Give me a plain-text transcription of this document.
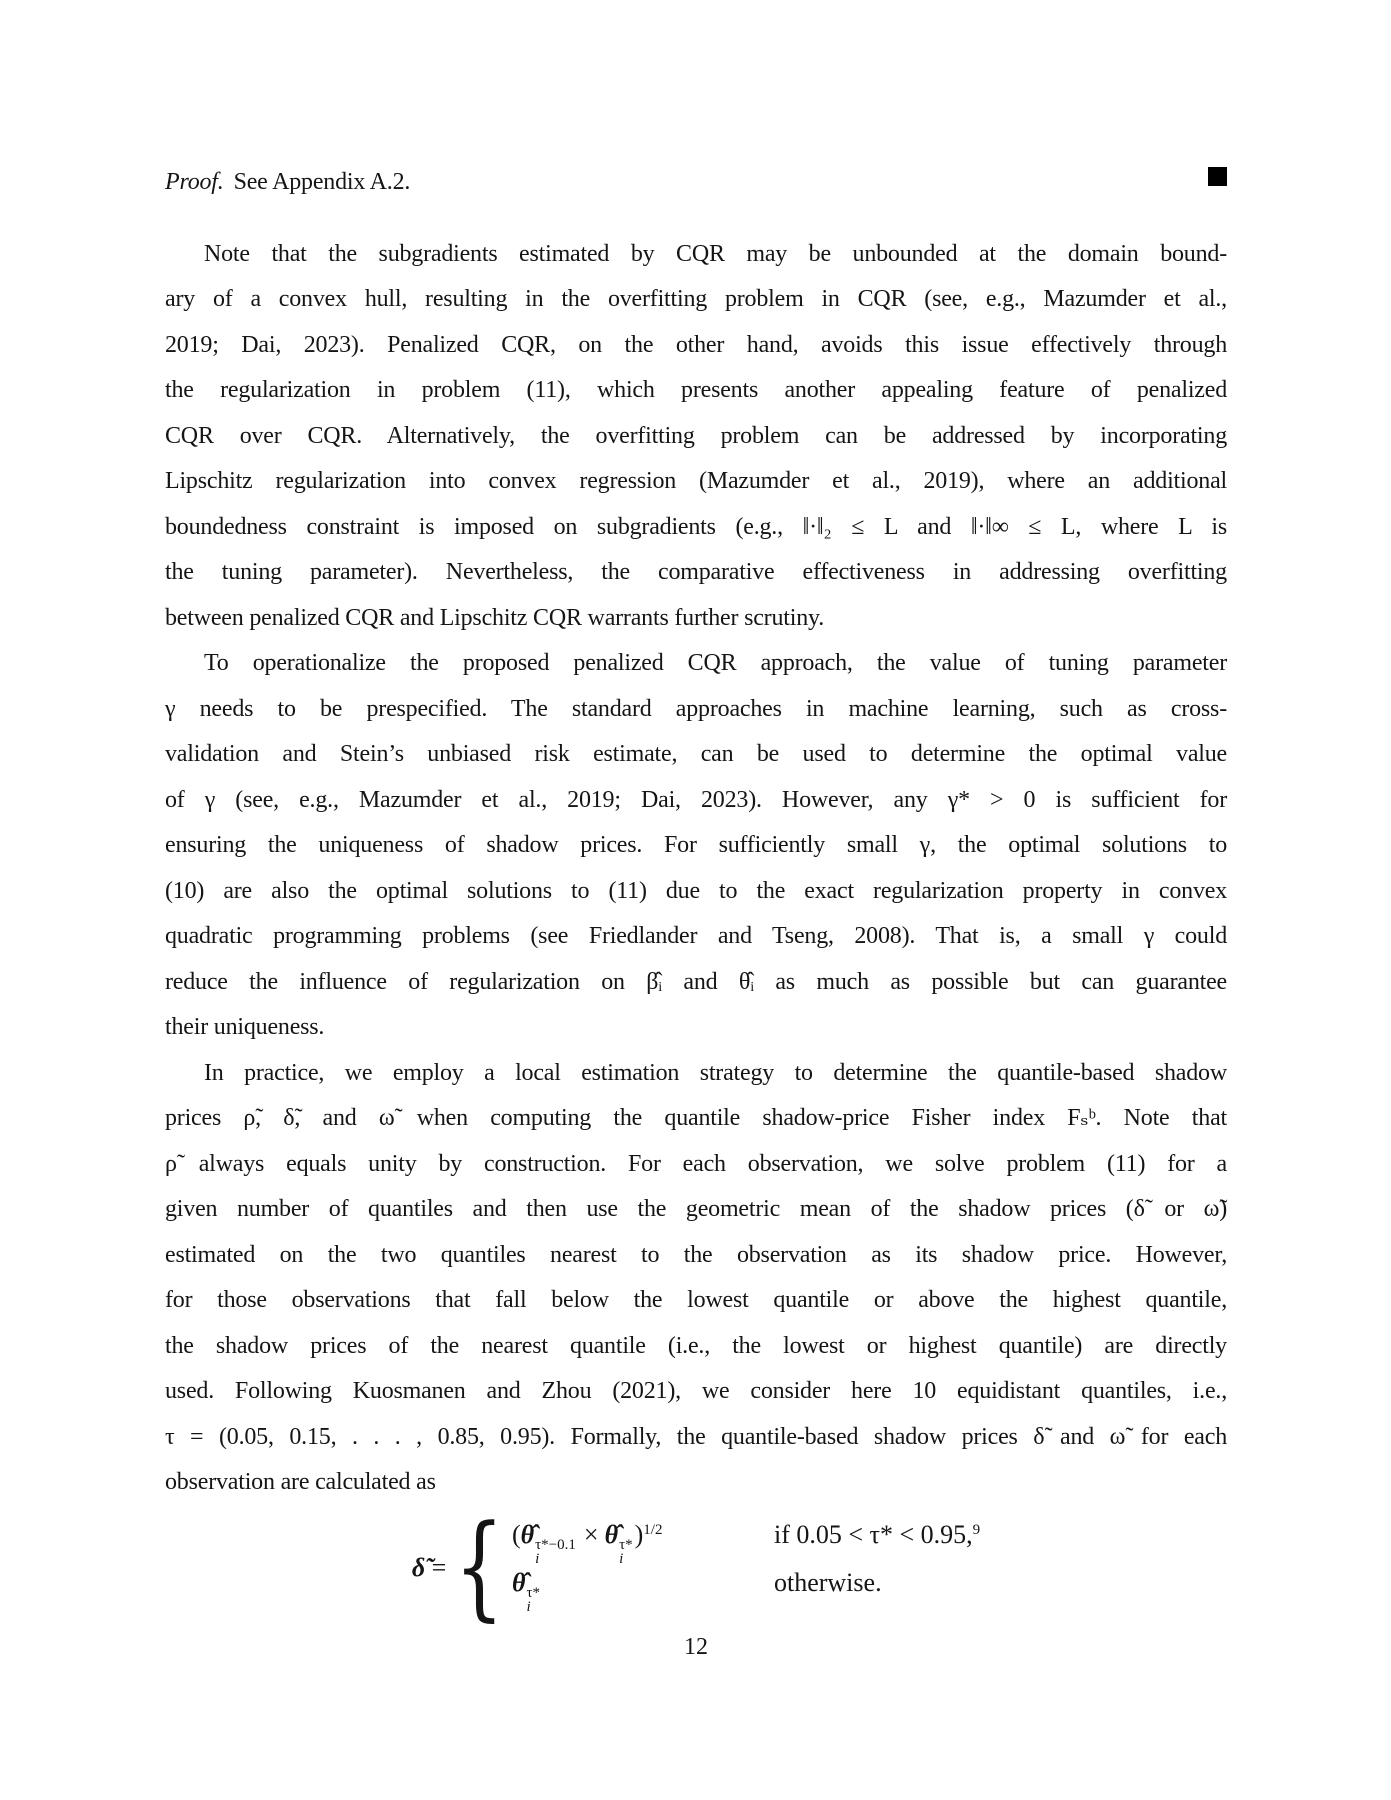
Proof. See Appendix A.2.
Note that the subgradients estimated by CQR may be unbounded at the domain bound-
ary of a convex hull, resulting in the overfitting problem in CQR (see, e.g., Mazumder et al.,
2019; Dai, 2023). Penalized CQR, on the other hand, avoids this issue effectively through
the regularization in problem (11), which presents another appealing feature of penalized
CQR over CQR. Alternatively, the overfitting problem can be addressed by incorporating
Lipschitz regularization into convex regression (Mazumder et al., 2019), where an additional
boundedness constraint is imposed on subgradients (e.g., ‖·‖₂ ≤ L and ‖·‖∞ ≤ L, where L is
the tuning parameter). Nevertheless, the comparative effectiveness in addressing overfitting
between penalized CQR and Lipschitz CQR warrants further scrutiny.
To operationalize the proposed penalized CQR approach, the value of tuning parameter
γ needs to be prespecified. The standard approaches in machine learning, such as cross-
validation and Stein’s unbiased risk estimate, can be used to determine the optimal value
of γ (see, e.g., Mazumder et al., 2019; Dai, 2023). However, any γ* > 0 is sufficient for
ensuring the uniqueness of shadow prices. For sufficiently small γ, the optimal solutions to
(10) are also the optimal solutions to (11) due to the exact regularization property in convex
quadratic programming problems (see Friedlander and Tseng, 2008). That is, a small γ could
reduce the influence of regularization on β̂ᵢ and θ̂ᵢ as much as possible but can guarantee
their uniqueness.
In practice, we employ a local estimation strategy to determine the quantile-based shadow
prices ρ̃, δ̃, and ω̃ when computing the quantile shadow-price Fisher index Fₛᵇ. Note that
ρ̃ always equals unity by construction. For each observation, we solve problem (11) for a
given number of quantiles and then use the geometric mean of the shadow prices (δ̃ or ω̃)
estimated on the two quantiles nearest to the observation as its shadow price. However,
for those observations that fall below the lowest quantile or above the highest quantile,
the shadow prices of the nearest quantile (i.e., the lowest or highest quantile) are directly
used. Following Kuosmanen and Zhou (2021), we consider here 10 equidistant quantiles, i.e.,
τ = (0.05, 0.15, . . . , 0.85, 0.95). Formally, the quantile-based shadow prices δ̃ and ω̃ for each
observation are calculated as
δ̃ = { (θ̂ τ*−0.1
i
× θ̂ τ*
i
)$^{1/2}$	if 0.05 < τ* < 0.95,$^9$
θ̂ τ*
i
otherwise.
12
